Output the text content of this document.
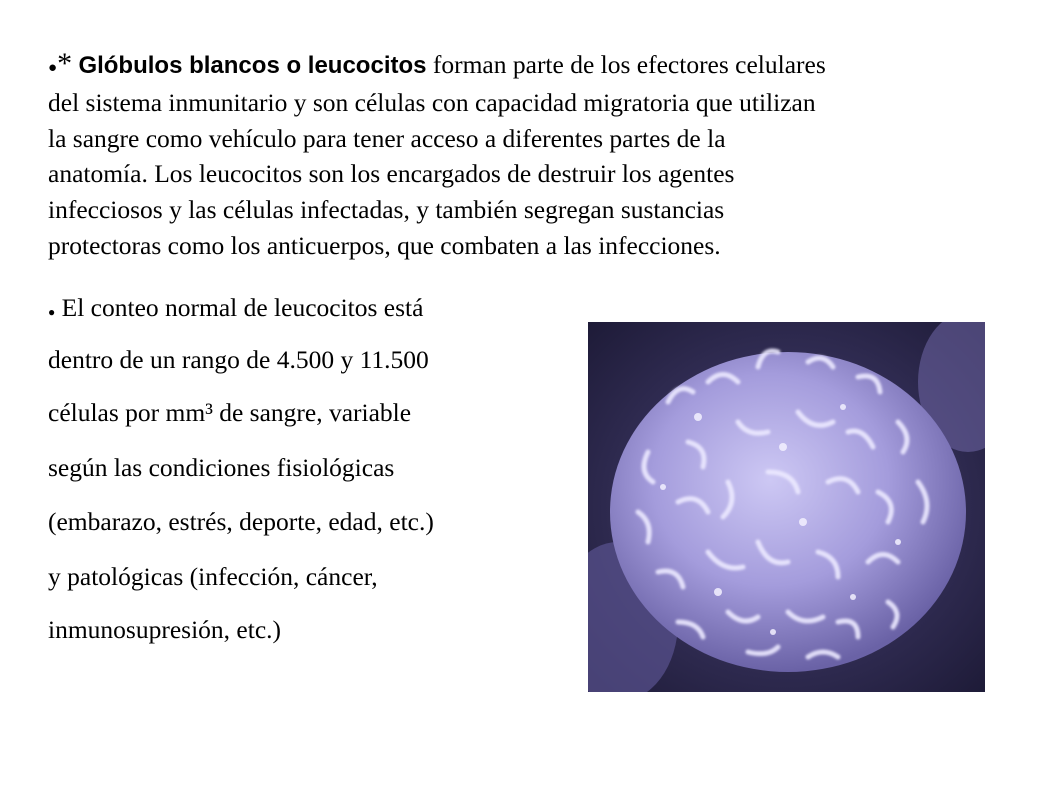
●* Glóbulos blancos o leucocitos forman parte de los efectores celulares
del sistema inmunitario y son células con capacidad migratoria que utilizan
la sangre como vehículo para tener acceso a diferentes partes de la
anatomía. Los leucocitos son los encargados de destruir los agentes
infecciosos y las células infectadas, y también segregan sustancias
protectoras como los anticuerpos, que combaten a las infecciones.
● El conteo normal de leucocitos está
dentro de un rango de 4.500 y 11.500
células por mm³ de sangre, variable
según las condiciones fisiológicas
(embarazo, estrés, deporte, edad, etc.)
y patológicas (infección, cáncer,
inmunosupresión, etc.)
